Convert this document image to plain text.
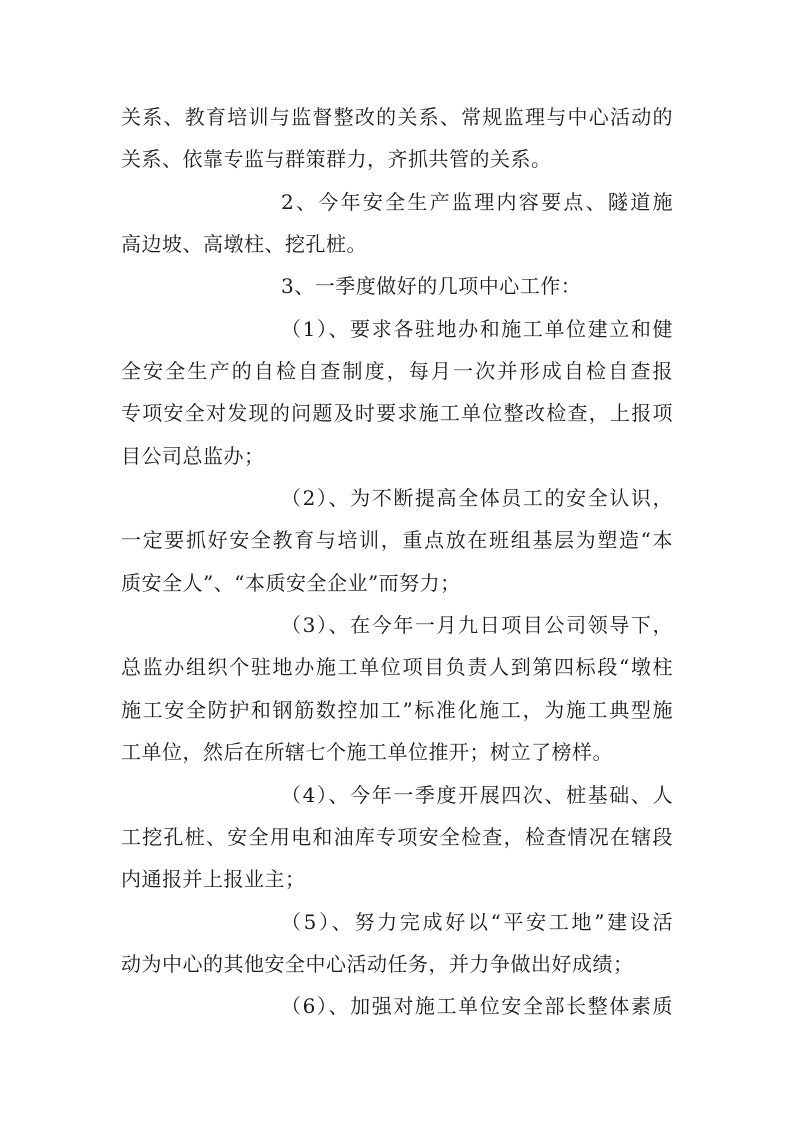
关系、教育培训与监督整改的关系、常规监理与中心活动的
关系、依靠专监与群策群力，齐抓共管的关系。
2、今年安全生产监理内容要点、隧道施
高边坡、高墩柱、挖孔桩。
3、一季度做好的几项中心工作：
（1）、要求各驻地办和施工单位建立和健
全安全生产的自检自查制度，每月一次并形成自检自查报
专项安全对发现的问题及时要求施工单位整改检查，上报项
目公司总监办；
（2）、为不断提高全体员工的安全认识，
一定要抓好安全教育与培训，重点放在班组基层为塑造“本
质安全人”、“本质安全企业”而努力；
（3）、在今年一月九日项目公司领导下，
总监办组织个驻地办施工单位项目负责人到第四标段“墩柱
施工安全防护和钢筋数控加工”标准化施工，为施工典型施
工单位，然后在所辖七个施工单位推开；树立了榜样。
（4）、今年一季度开展四次、桩基础、人
工挖孔桩、安全用电和油库专项安全检查，检查情况在辖段
内通报并上报业主；
（5）、努力完成好以“平安工地”建设活
动为中心的其他安全中心活动任务，并力争做出好成绩；
（6）、加强对施工单位安全部长整体素质
